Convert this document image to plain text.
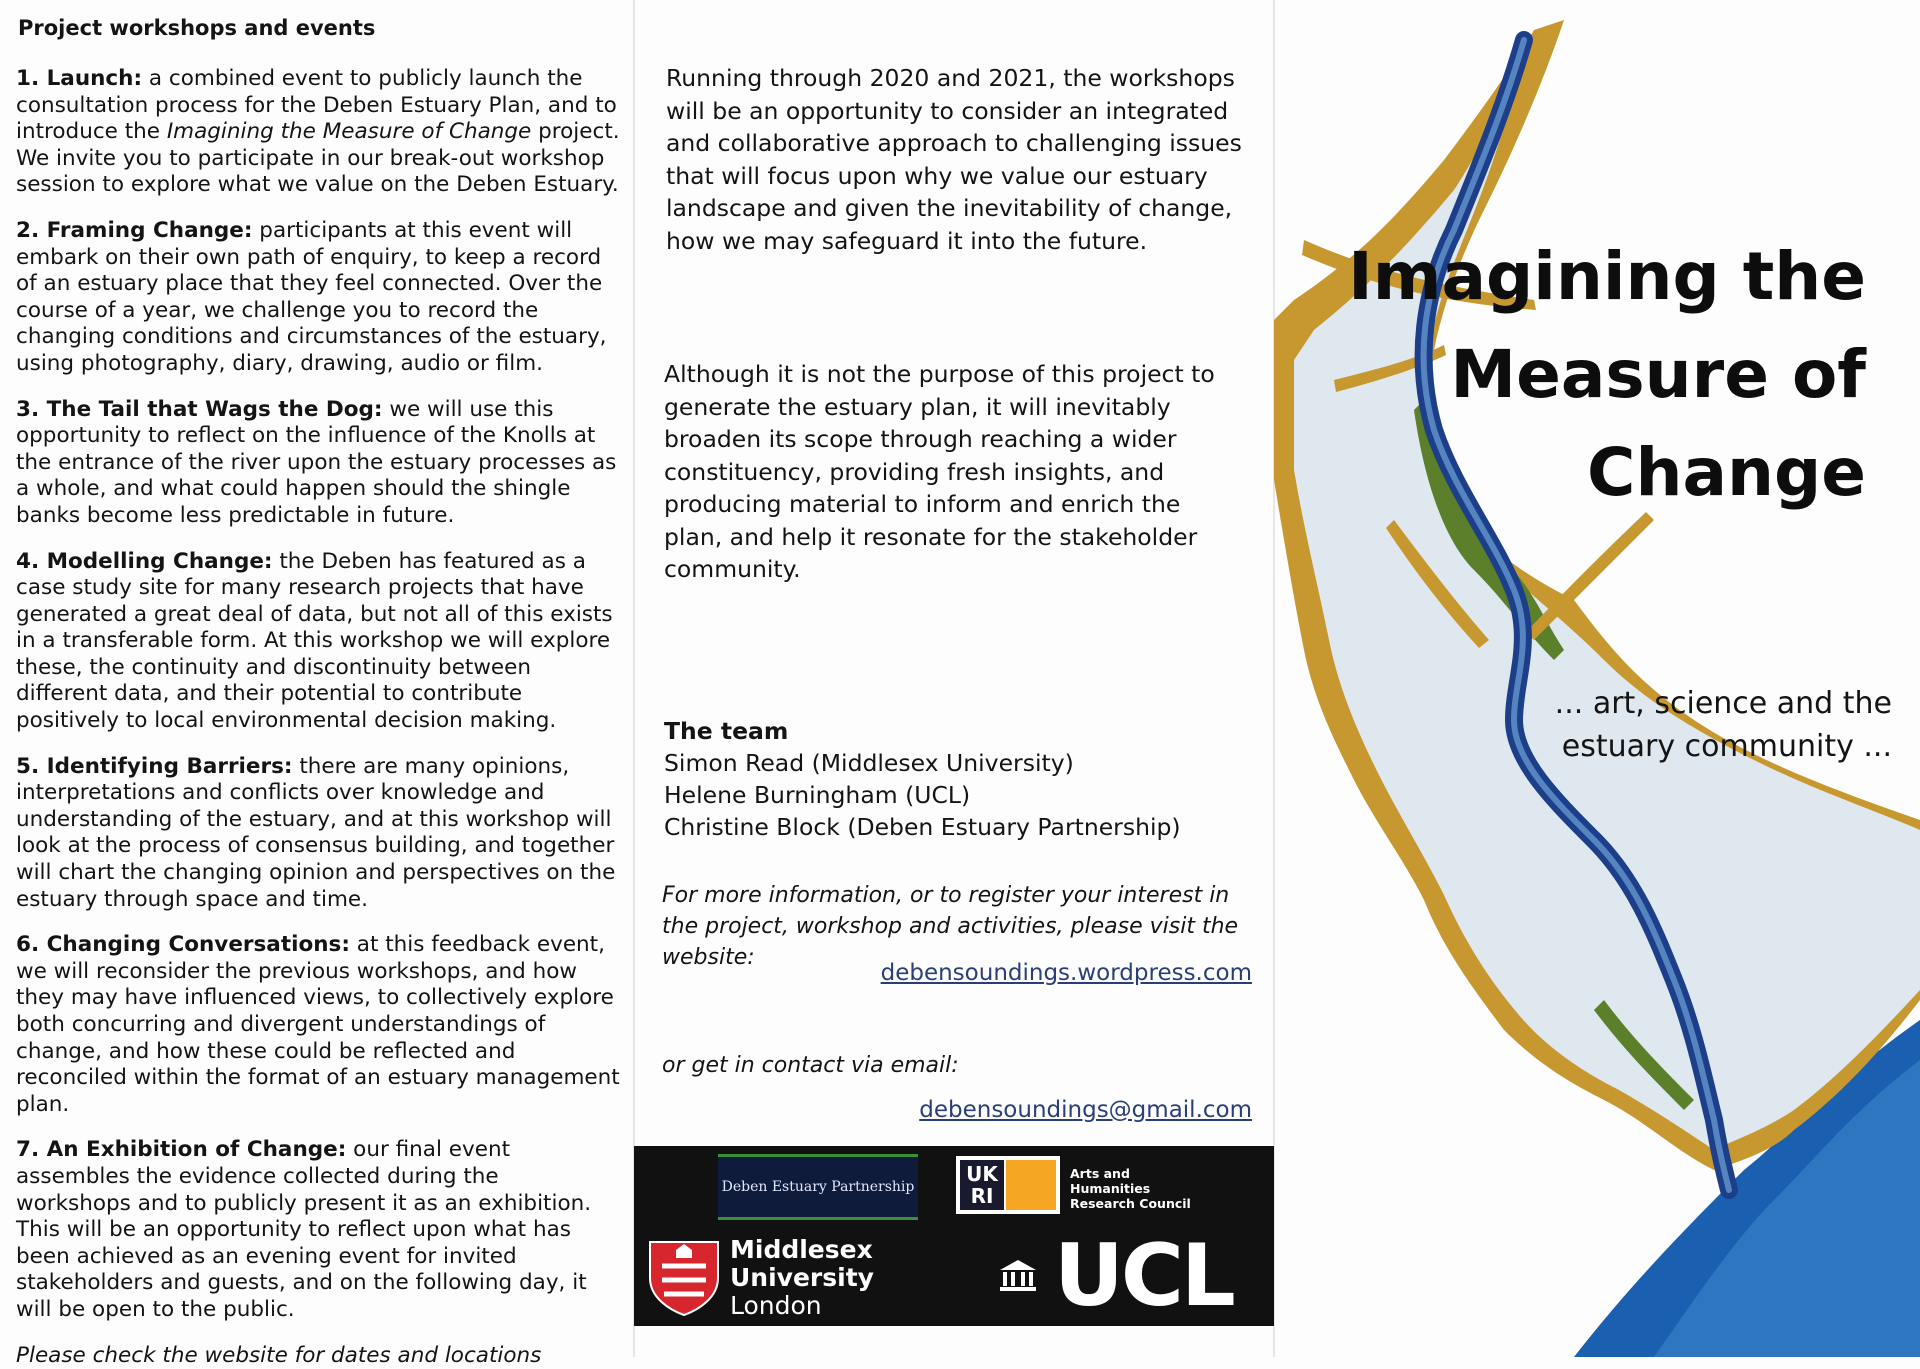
Project workshops and events

1. Launch: a combined event to publicly launch the consultation process for the Deben Estuary Plan, and to introduce the Imagining the Measure of Change project. We invite you to participate in our break-out workshop session to explore what we value on the Deben Estuary.

2. Framing Change: participants at this event will embark on their own path of enquiry, to keep a record of an estuary place that they feel connected. Over the course of a year, we challenge you to record the changing conditions and circumstances of the estuary, using photography, diary, drawing, audio or film.

3. The Tail that Wags the Dog: we will use this opportunity to reflect on the influence of the Knolls at the entrance of the river upon the estuary processes as a whole, and what could happen should the shingle banks become less predictable in future.

4. Modelling Change: the Deben has featured as a case study site for many research projects that have generated a great deal of data, but not all of this exists in a transferable form. At this workshop we will explore these, the continuity and discontinuity between different data, and their potential to contribute positively to local environmental decision making.

5. Identifying Barriers: there are many opinions, interpretations and conflicts over knowledge and understanding of the estuary, and at this workshop will look at the process of consensus building, and together will chart the changing opinion and perspectives on the estuary through space and time.

6. Changing Conversations: at this feedback event, we will reconsider the previous workshops, and how they may have influenced views, to collectively explore both concurring and divergent understandings of change, and how these could be reflected and reconciled within the format of an estuary management plan.

7. An Exhibition of Change: our final event assembles the evidence collected during the workshops and to publicly present it as an exhibition. This will be an opportunity to reflect upon what has been achieved as an evening event for invited stakeholders and guests, and on the following day, it will be open to the public.

Please check the website for dates and locations
Imagining the
Measure of
Change
... art, science and the
estuary community ...
Running through 2020 and 2021, the workshops will be an opportunity to consider an integrated and collaborative approach to challenging issues that will focus upon why we value our estuary landscape and given the inevitability of change, how we may safeguard it into the future.
Although it is not the purpose of this project to generate the estuary plan, it will inevitably broaden its scope through reaching a wider constituency, providing fresh insights, and producing material to inform and enrich the plan, and help it resonate for the stakeholder community.
The team
Simon Read (Middlesex University)
Helene Burningham (UCL)
Christine Block (Deben Estuary Partnership)
For more information, or to register your interest in the project, workshop and activities, please visit the website:
debensoundings.wordpress.com
or get in contact via email:
debensoundings@gmail.com
Deben Estuary Partnership
UK RI
Arts and
Humanities
Research Council
Middlesex
University
London	UCL
